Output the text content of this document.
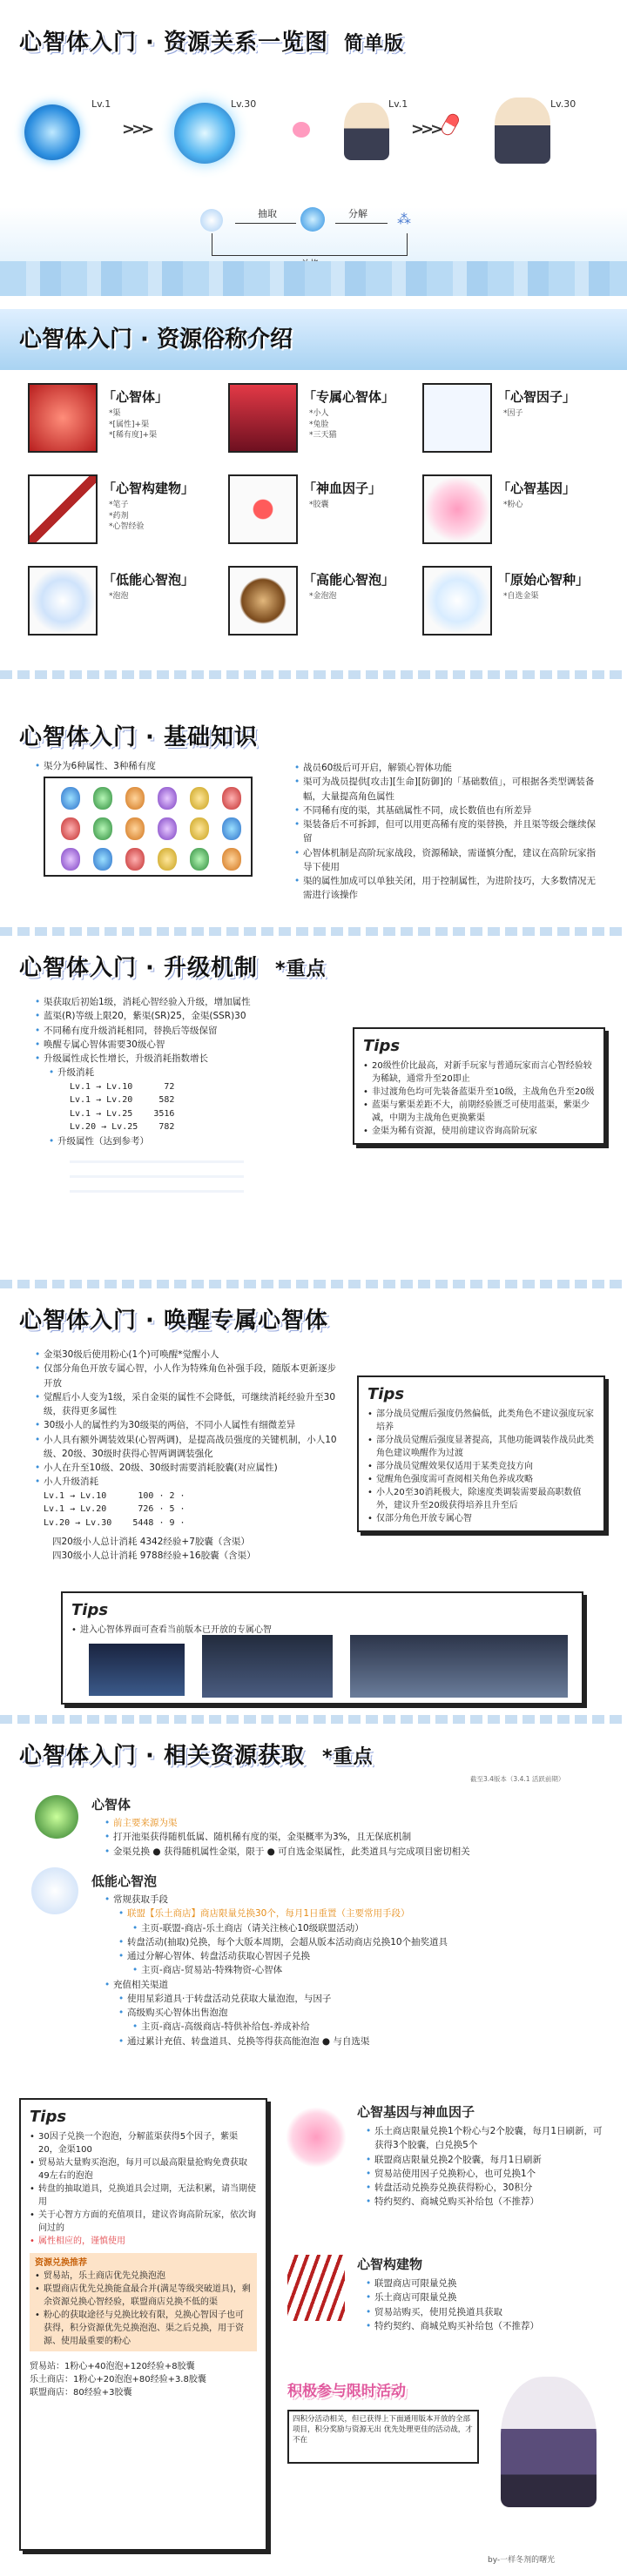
心智体入门 · 资源关系一览图 简单版
Lv.1
>>>
Lv.30	Lv.1
>>>
Lv.30
抽取	分解 ⁂
心智体入门 · 资源俗称介绍
「心智体」
*渠
*[属性]+渠
*[稀有度]+渠
「专属心智体」
*小人
*兔脸
*三天猫
「心智因子」
*因子
「心智构建物」
*笔子
*药剂
*心智经验
「神血因子」
*胶囊
「心智基因」
*粉心
「低能心智泡」
*泡泡
「高能心智泡」
*金泡泡
「原始心智种」
*自选金渠
心智体入门 · 基础知识
• 渠分为6种属性、3种稀有度	• 战员60级后可开启，解锁心智体功能
• 渠可为战员提供[攻击][生命][防御]的「基础数值」，可根据各类型调装备幅，大量提高角色属性
• 不同稀有度的渠，其基础属性不同，成长数值也有所差异
• 渠装备后不可拆卸，但可以用更高稀有度的渠替换，并且渠等级会继续保留
• 心智体机制是高阶玩家战段，资源稀缺，需谨慎分配，建议在高阶玩家指导下使用
• 渠的属性加成可以单独关闭，用于控制属性，为进阶技巧，大多数情况无需进行该操作
心智体入门 · 升级机制 *重点
• 渠获取后初始1级，消耗心智经验入升级，增加属性
• 蓝渠(R)等级上限20，紫渠(SR)25，金渠(SSR)30
• 不同稀有度升级消耗相同，替换后等级保留
• 唤醒专属心智体需要30级心智
• 升级属性成长性增长，升级消耗指数增长
• 升级消耗
Lv.1 → Lv.10      72
Lv.1 → Lv.20     582
Lv.1 → Lv.25    3516
Lv.20 → Lv.25    782
• 升级属性（达到参考）
Tips
• 20级性价比最高，对新手玩家与普通玩家而言心智经验较为稀缺，通常升至20即止
• 非过渡角色均可先装备蓝渠升至10级，主战角色升至20级
• 蓝渠与紫渠差距不大，前期经验匮乏可使用蓝渠，紫渠少减，中期为主战角色更换紫渠
• 金渠为稀有资源，使用前建议咨询高阶玩家
心智体入门 · 唤醒专属心智体
• 金渠30级后使用粉心(1个)可唤醒*觉醒小人
• 仅部分角色开放专属心智，小人作为特殊角色补强手段，随版本更新逐步开放
• 觉醒后小人变为1级，采自金渠的属性不会降低，可继续消耗经验升至30级，获得更多属性
• 30级小人的属性约为30级渠的两倍，不同小人属性有细微差异
• 小人具有额外调装效果(心智两调)，是提高战员强度的关键机制，小人10级、20级、30级时获得心智两调调装强化
• 小人在升至10级、20级、30级时需要消耗胶囊(对应属性)
• 小人升级消耗
Lv.1 → Lv.10      100 · 2 ·
Lv.1 → Lv.20      726 · 5 ·
Lv.20 → Lv.30    5448 · 9 ·
四20级小人总计消耗 4342经验+7胶囊（含渠）
四30级小人总计消耗 9788经验+16胶囊（含渠）
Tips
• 部分战员觉醒后强度仍然偏低，此类角色不建议强度玩家培养
• 部分战员觉醒后强度显著提高，其他功能调装作战员此类角色建议唤醒作为过渡
• 部分战员觉醒效果仅适用于某类竞技方向
• 觉醒角色强度需可查阅相关角色养成攻略
• 小人20至30消耗极大，除速度类调装需要最高职数值外，建议升至20级获得培养且升至后
• 仅部分角色开放专属心智
Tips
• 进入心智体界面可查看当前版本已开放的专属心智
心智体入门 · 相关资源获取 *重点
截至3.4版本（3.4.1 活跃前期）
心智体
• 前主要来源为渠
• 打开池渠获得随机低属、随机稀有度的渠，金渠概率为3%，且无保底机制
• 金渠兑换 ● 获得随机属性金渠，限于 ● 可自选金渠属性，此类道具与完成项目密切相关
低能心智泡
• 常规获取手段
• 联盟【乐土商店】商店限量兑换30个，每月1日重置（主要常用手段）
• 主页-联盟-商店-乐土商店（请关注核心10级联盟活动）
• 转盘活动(抽取)兑换，每个大版本周期，会超从版本活动商店兑换10个抽奖道具
• 通过分解心智体、转盘活动获取心智因子兑换
• 主页-商店-贸易站-特殊物资-心智体
• 充值相关渠道
• 使用星彩道具·于转盘活动兑获取大量泡泡，与因子
• 高级购买心智体出售泡泡
• 主页-商店-高级商店-特供补给包-养成补给
• 通过累计充值、转盘道具、兑换等得获高能泡泡 ● 与自选渠
Tips
• 30因子兑换一个泡泡，分解蓝渠获得5个因子，紫渠20，金渠100
• 贸易站大量购买泡泡，每月可以最高限量抢购免费获取49左右的泡泡
• 转盘的抽取道具，兑换道具会过期，无法积累，请当期使用
• 关于心智方方面的充值项目，建议咨询高阶玩家，依次询问过的
• 属性相应的，谨慎使用
资源兑换推荐
• 贸易站，乐土商店优先兑换泡泡
• 联盟商店优先兑换能盒最合并(满足等级突破道具)，剩余资源兑换心智经验，联盟商店兑换不低的渠
• 粉心的获取途径与兑换比较有限，兑换心智因子也可获得，积分资源优先兑换泡泡、渠之后兑换，用于资源、使用最重要的粉心
贸易站：1粉心+40泡泡+120经验+8胶囊
乐土商店：1粉心+20泡泡+80经验+3.8胶囊
联盟商店：80经验+3胶囊
心智基因与神血因子
• 乐土商店限量兑换1个粉心与2个胶囊，每月1日刷新，可获得3个胶囊，白兑换5个
• 联盟商店限量兑换2个胶囊，每月1日刷新
• 贸易站使用因子兑换粉心，也可兑换1个
• 转盘活动兑换券兑换获得粉心，30积分
• 特约契约、商城兑购买补给包（不推荐）
心智构建物
• 联盟商店可限量兑换
• 乐土商店可限量兑换
• 贸易站购买，使用兑换道具获取
• 特约契约、商城兑购买补给包（不推荐）
积极参与限时活动
四积分活动相关，但已获得上下面通用版本开放的全部项目，积分奖励与资源无出 优先处理更佳的活动战，才不在
by-一样冬剂的曙光
